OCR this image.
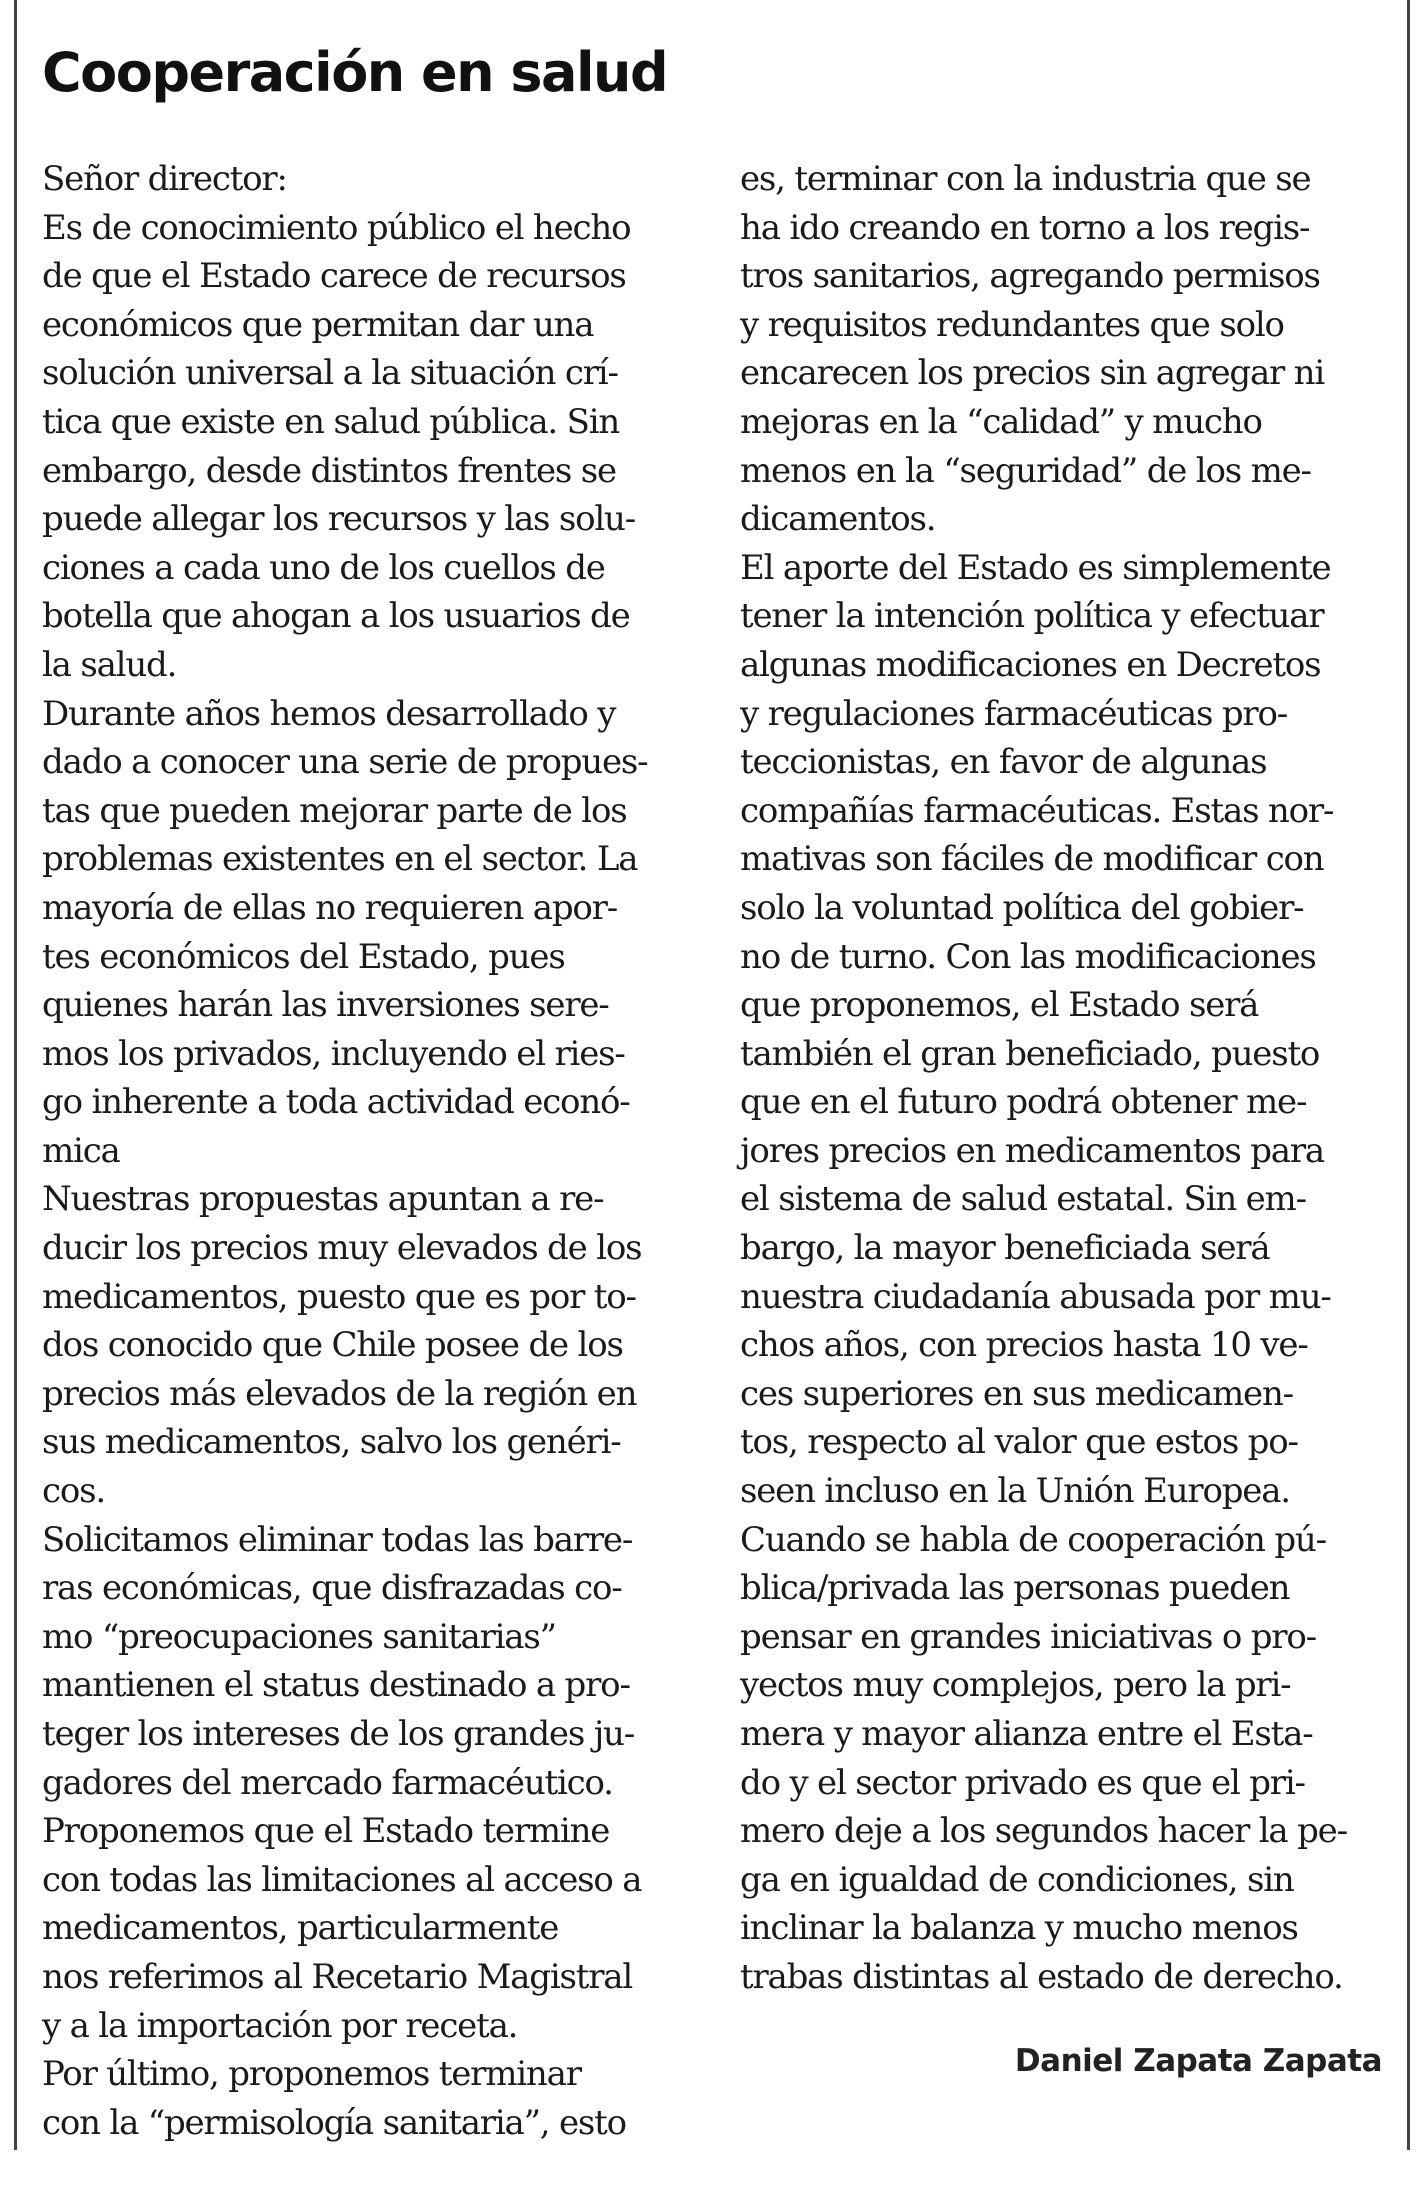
Cooperación en salud
Señor director:
Es de conocimiento público el hecho
de que el Estado carece de recursos
económicos que permitan dar una
solución universal a la situación crí-
tica que existe en salud pública. Sin
embargo, desde distintos frentes se
puede allegar los recursos y las solu-
ciones a cada uno de los cuellos de
botella que ahogan a los usuarios de
la salud.
Durante años hemos desarrollado y
dado a conocer una serie de propues-
tas que pueden mejorar parte de los
problemas existentes en el sector. La
mayoría de ellas no requieren apor-
tes económicos del Estado, pues
quienes harán las inversiones sere-
mos los privados, incluyendo el ries-
go inherente a toda actividad econó-
mica
Nuestras propuestas apuntan a re-
ducir los precios muy elevados de los
medicamentos, puesto que es por to-
dos conocido que Chile posee de los
precios más elevados de la región en
sus medicamentos, salvo los genéri-
cos.
Solicitamos eliminar todas las barre-
ras económicas, que disfrazadas co-
mo “preocupaciones sanitarias”
mantienen el status destinado a pro-
teger los intereses de los grandes ju-
gadores del mercado farmacéutico.
Proponemos que el Estado termine
con todas las limitaciones al acceso a
medicamentos, particularmente
nos referimos al Recetario Magistral
y a la importación por receta.
Por último, proponemos terminar
con la “permisología sanitaria”, esto
es, terminar con la industria que se
ha ido creando en torno a los regis-
tros sanitarios, agregando permisos
y requisitos redundantes que solo
encarecen los precios sin agregar ni
mejoras en la “calidad” y mucho
menos en la “seguridad” de los me-
dicamentos.
El aporte del Estado es simplemente
tener la intención política y efectuar
algunas modificaciones en Decretos
y regulaciones farmacéuticas pro-
teccionistas, en favor de algunas
compañías farmacéuticas. Estas nor-
mativas son fáciles de modificar con
solo la voluntad política del gobier-
no de turno. Con las modificaciones
que proponemos, el Estado será
también el gran beneficiado, puesto
que en el futuro podrá obtener me-
jores precios en medicamentos para
el sistema de salud estatal. Sin em-
bargo, la mayor beneficiada será
nuestra ciudadanía abusada por mu-
chos años, con precios hasta 10 ve-
ces superiores en sus medicamen-
tos, respecto al valor que estos po-
seen incluso en la Unión Europea.
Cuando se habla de cooperación pú-
blica/privada las personas pueden
pensar en grandes iniciativas o pro-
yectos muy complejos, pero la pri-
mera y mayor alianza entre el Esta-
do y el sector privado es que el pri-
mero deje a los segundos hacer la pe-
ga en igualdad de condiciones, sin
inclinar la balanza y mucho menos
trabas distintas al estado de derecho.
Daniel Zapata Zapata
